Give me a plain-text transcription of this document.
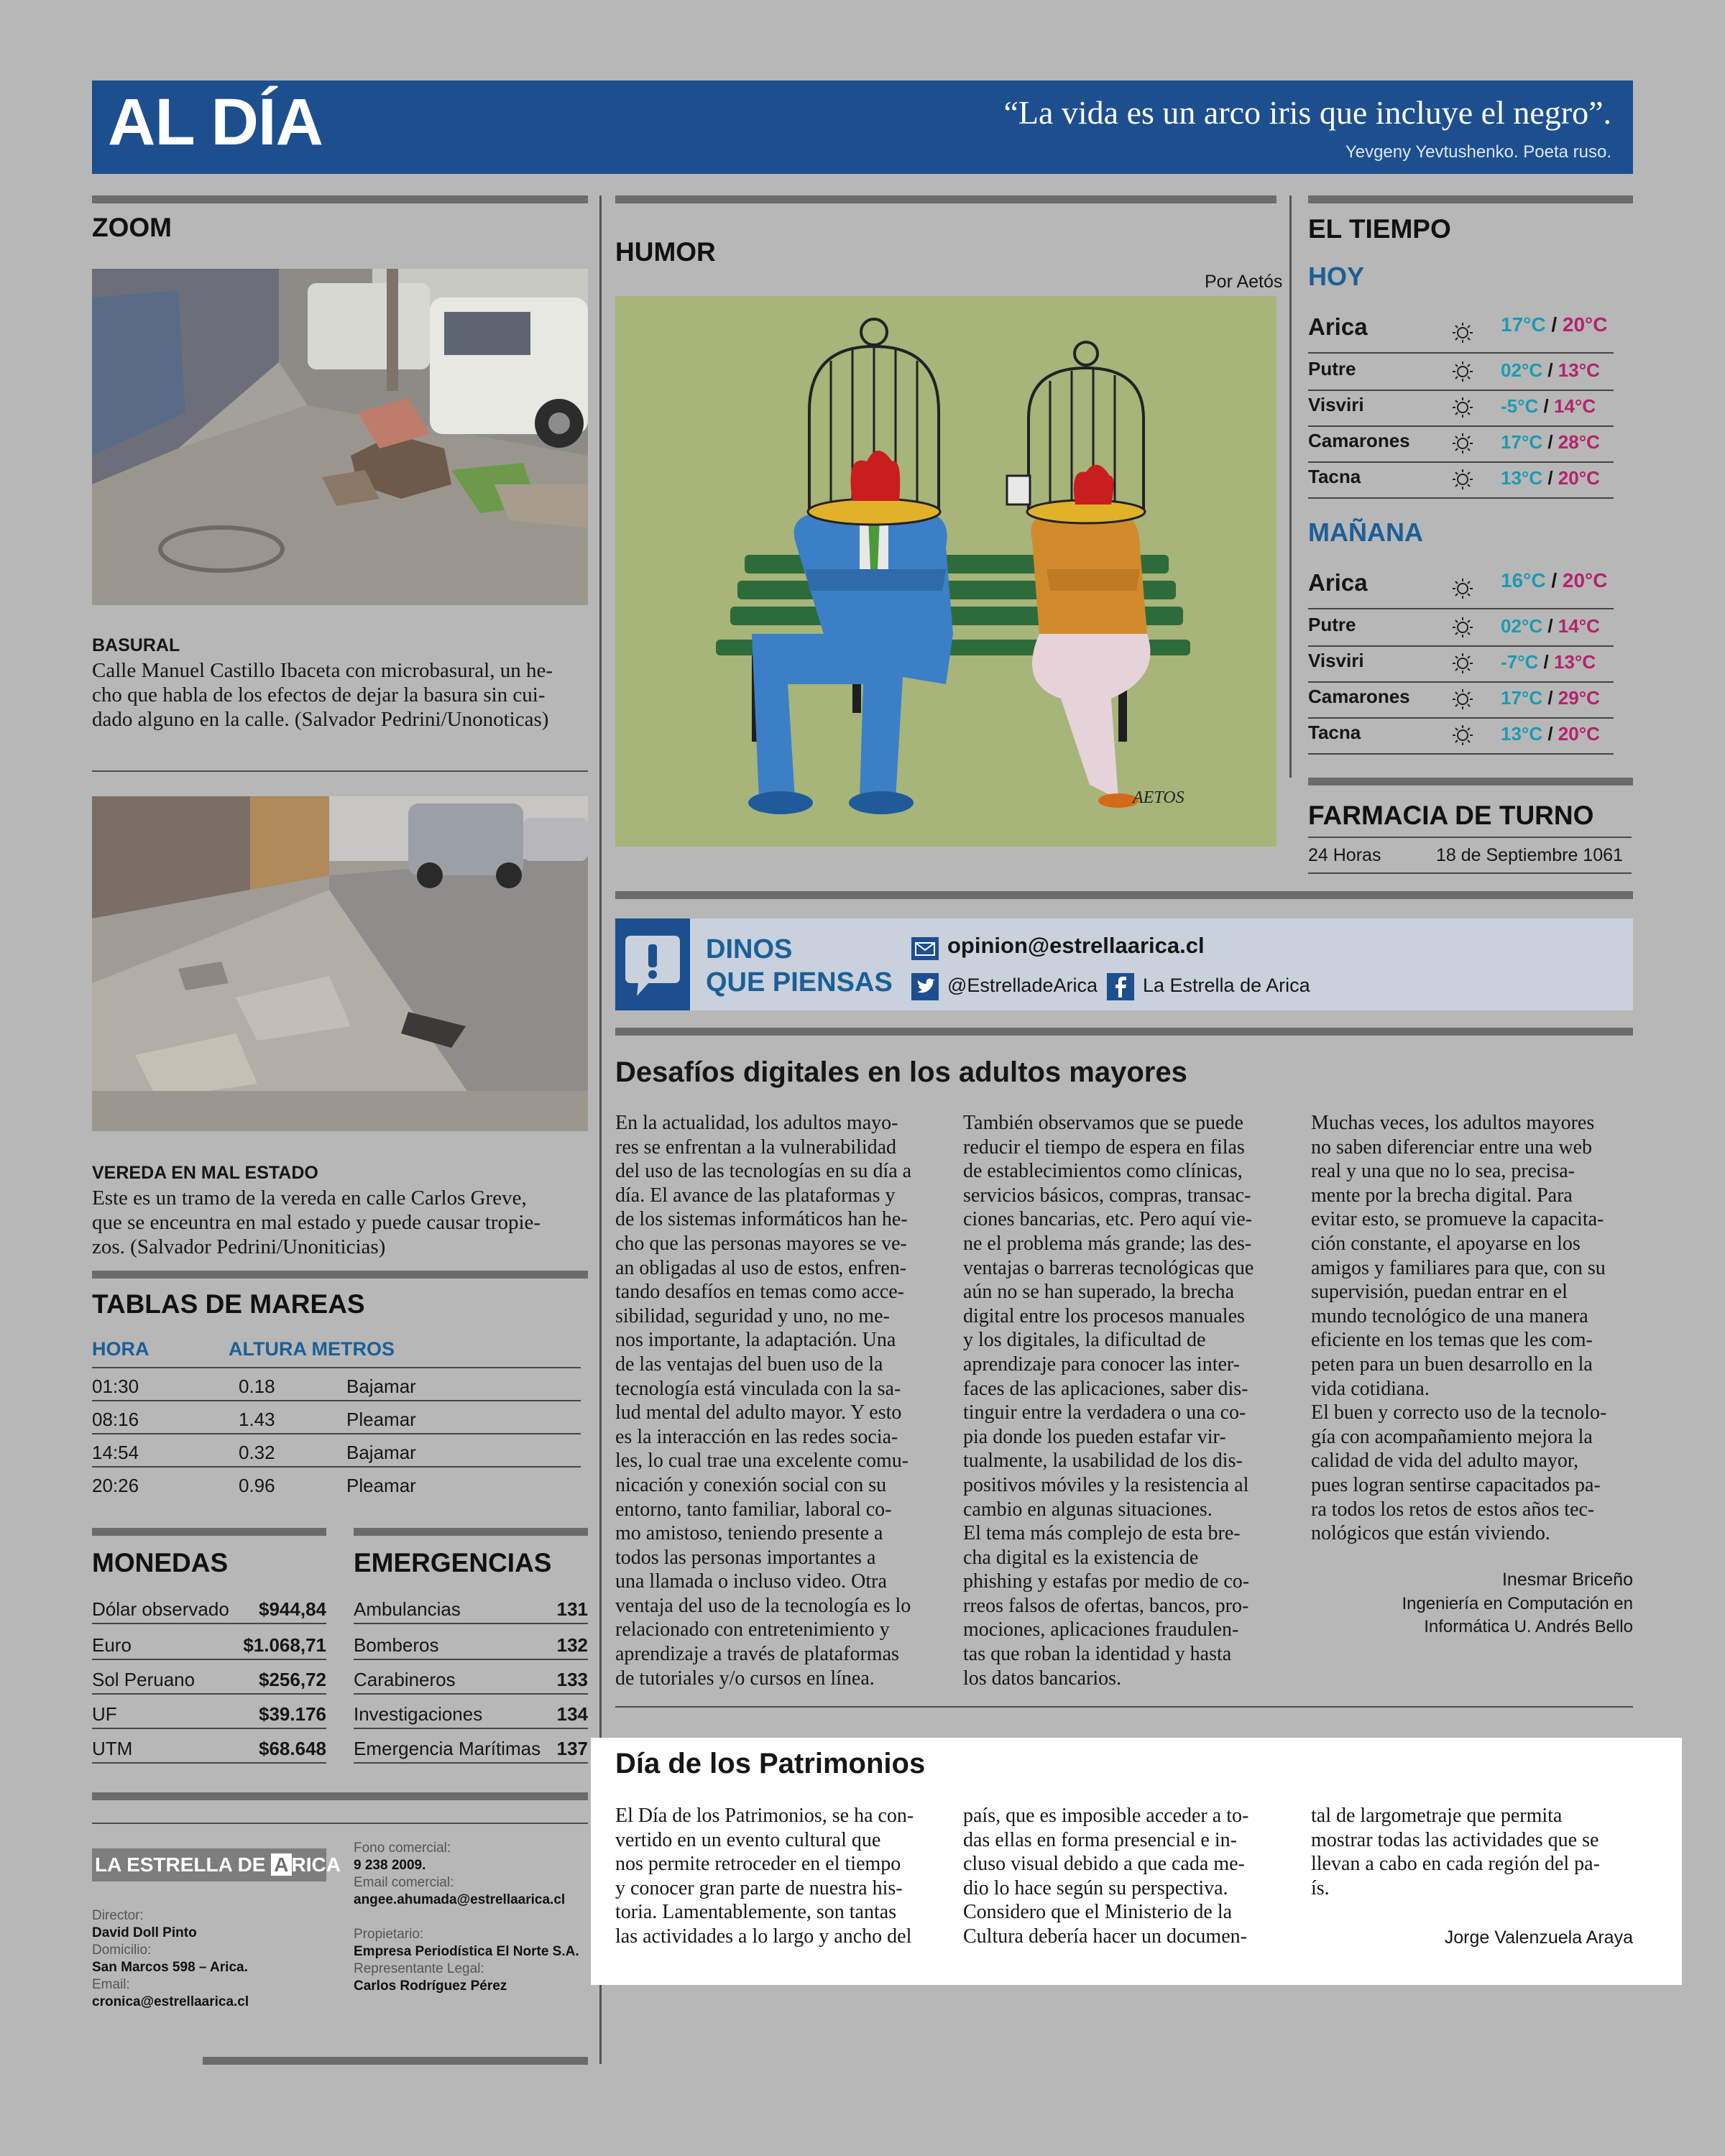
AL DÍA	“La vida es un arco iris que incluye el negro”.
Yevgeny Yevtushenko. Poeta ruso.
ZOOM
BASURAL
Calle Manuel Castillo Ibaceta con microbasural, un he-
cho que habla de los efectos de dejar la basura sin cui-
dado alguno en la calle. (Salvador Pedrini/Unonoticas)
VEREDA EN MAL ESTADO
Este es un tramo de la vereda en calle Carlos Greve,
que se enceuntra en mal estado y puede causar tropie-
zos. (Salvador Pedrini/Unoniticias)
TABLAS DE MAREAS
HORA	ALTURA METROS
01:30	0.18	Bajamar
08:16	1.43	Pleamar
14:54	0.32	Bajamar
20:26	0.96	Pleamar
MONEDAS
Dólar observado $944,84
Euro	$1.068,71
Sol Peruano	$256,72
UF	$39.176
UTM	$68.648
EMERGENCIAS
Ambulancias	131
Bomberos	132
Carabineros	133
Investigaciones	134
Emergencia Marítimas 137
LA ESTRELLA DE A RICA
Director:
David Doll Pinto
Domicilio:
San Marcos 598 – Arica.
Email:
cronica@estrellaarica.cl
Fono comercial:
9 238 2009.
Email comercial:
angee.ahumada@estrellaarica.cl
Propietario:
Empresa Periodística El Norte S.A.
Representante Legal:
Carlos Rodríguez Pérez
HUMOR
Por Aetós
AETOS
EL TIEMPO
HOY
Arica	17°C / 20°C
Putre	02°C / 13°C
Visviri	-5°C / 14°C
Camarones	17°C / 28°C
Tacna	13°C / 20°C
MAÑANA
Arica	16°C / 20°C
Putre	02°C / 14°C
Visviri	-7°C / 13°C
Camarones	17°C / 29°C
Tacna	13°C / 20°C
FARMACIA DE TURNO
24 Horas	18 de Septiembre 1061
DINOS
QUE PIENSAS
opinion@estrellaarica.cl
@EstrelladeArica La Estrella de Arica
Desafíos digitales en los adultos mayores
En la actualidad, los adultos mayo-
res se enfrentan a la vulnerabilidad
del uso de las tecnologías en su día a
día. El avance de las plataformas y
de los sistemas informáticos han he-
cho que las personas mayores se ve-
an obligadas al uso de estos, enfren-
tando desafíos en temas como acce-
sibilidad, seguridad y uno, no me-
nos importante, la adaptación. Una
de las ventajas del buen uso de la
tecnología está vinculada con la sa-
lud mental del adulto mayor. Y esto
es la interacción en las redes socia-
les, lo cual trae una excelente comu-
nicación y conexión social con su
entorno, tanto familiar, laboral co-
mo amistoso, teniendo presente a
todos las personas importantes a
una llamada o incluso video. Otra
ventaja del uso de la tecnología es lo
relacionado con entretenimiento y
aprendizaje a través de plataformas
de tutoriales y/o cursos en línea.
También observamos que se puede
reducir el tiempo de espera en filas
de establecimientos como clínicas,
servicios básicos, compras, transac-
ciones bancarias, etc. Pero aquí vie-
ne el problema más grande; las des-
ventajas o barreras tecnológicas que
aún no se han superado, la brecha
digital entre los procesos manuales
y los digitales, la dificultad de
aprendizaje para conocer las inter-
faces de las aplicaciones, saber dis-
tinguir entre la verdadera o una co-
pia donde los pueden estafar vir-
tualmente, la usabilidad de los dis-
positivos móviles y la resistencia al
cambio en algunas situaciones.
El tema más complejo de esta bre-
cha digital es la existencia de
phishing y estafas por medio de co-
rreos falsos de ofertas, bancos, pro-
mociones, aplicaciones fraudulen-
tas que roban la identidad y hasta
los datos bancarios.
Muchas veces, los adultos mayores
no saben diferenciar entre una web
real y una que no lo sea, precisa-
mente por la brecha digital. Para
evitar esto, se promueve la capacita-
ción constante, el apoyarse en los
amigos y familiares para que, con su
supervisión, puedan entrar en el
mundo tecnológico de una manera
eficiente en los temas que les com-
peten para un buen desarrollo en la
vida cotidiana.
El buen y correcto uso de la tecnolo-
gía con acompañamiento mejora la
calidad de vida del adulto mayor,
pues logran sentirse capacitados pa-
ra todos los retos de estos años tec-
nológicos que están viviendo.
Inesmar Briceño
Ingeniería en Computación en
Informática U. Andrés Bello
Día de los Patrimonios
El Día de los Patrimonios, se ha con-
vertido en un evento cultural que
nos permite retroceder en el tiempo
y conocer gran parte de nuestra his-
toria. Lamentablemente, son tantas
las actividades a lo largo y ancho del
país, que es imposible acceder a to-
das ellas en forma presencial e in-
cluso visual debido a que cada me-
dio lo hace según su perspectiva.
Considero que el Ministerio de la
Cultura debería hacer un documen-
tal de largometraje que permita
mostrar todas las actividades que se
llevan a cabo en cada región del pa-
ís.
Jorge Valenzuela Araya
